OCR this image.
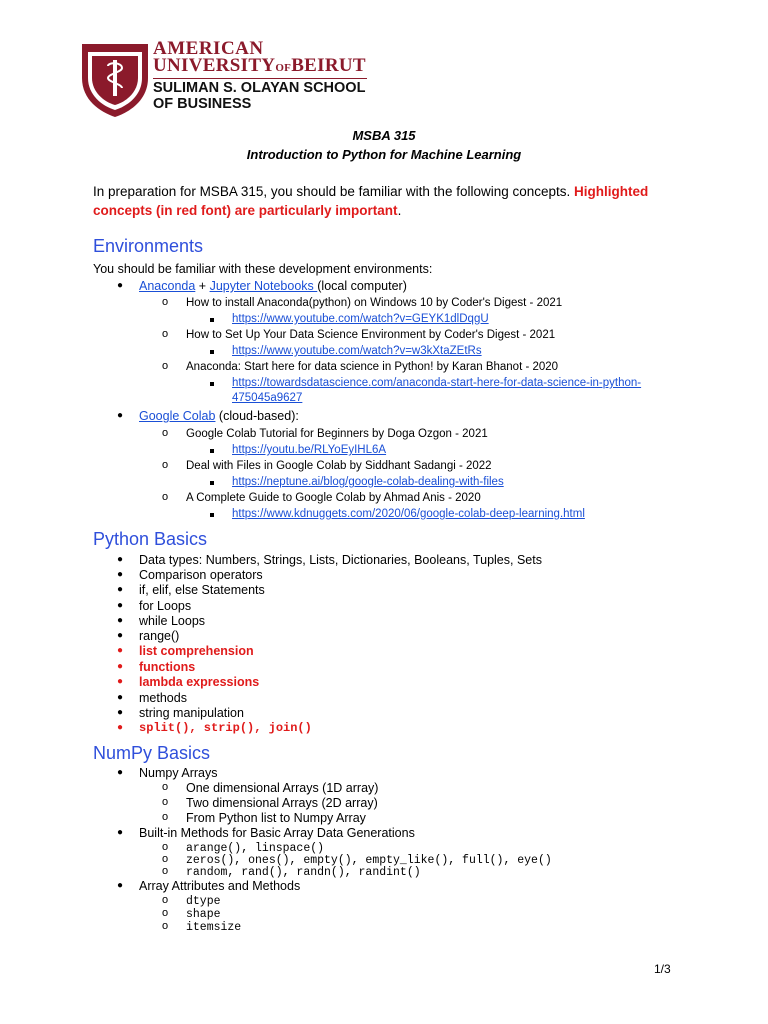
AMERICAN
UNIVERSITYOFBEIRUT
SULIMAN S. OLAYAN SCHOOL
OF BUSINESS
MSBA 315
Introduction to Python for Machine Learning
In preparation for MSBA 315, you should be familiar with the following concepts. Highlighted concepts (in red font) are particularly important.
Environments
You should be familiar with these development environments:
● Anaconda + Jupyter Notebooks (local computer)
o How to install Anaconda(python) on Windows 10 by Coder's Digest - 2021
https://www.youtube.com/watch?v=GEYK1dlDqgU
o How to Set Up Your Data Science Environment by Coder's Digest - 2021
https://www.youtube.com/watch?v=w3kXtaZEtRs
o Anaconda: Start here for data science in Python! by Karan Bhanot - 2020
https://towardsdatascience.com/anaconda-start-here-for-data-science-in-python-
475045a9627
● Google Colab (cloud-based):
o Google Colab Tutorial for Beginners by Doga Ozgon - 2021
https://youtu.be/RLYoEyIHL6A
o Deal with Files in Google Colab by Siddhant Sadangi - 2022
https://neptune.ai/blog/google-colab-dealing-with-files
o A Complete Guide to Google Colab by Ahmad Anis - 2020
https://www.kdnuggets.com/2020/06/google-colab-deep-learning.html
Python Basics
● Data types: Numbers, Strings, Lists, Dictionaries, Booleans, Tuples, Sets
● Comparison operators
● if, elif, else Statements
● for Loops
● while Loops
● range()
● list comprehension
● functions
● lambda expressions
● methods
● string manipulation
● split(), strip(), join()
NumPy Basics
● Numpy Arrays
o One dimensional Arrays (1D array)
o Two dimensional Arrays (2D array)
o From Python list to Numpy Array
● Built-in Methods for Basic Array Data Generations
o arange(), linspace()
o zeros(), ones(), empty(), empty_like(), full(), eye()
o random, rand(), randn(), randint()
● Array Attributes and Methods
o dtype
o shape
o itemsize
1/3
